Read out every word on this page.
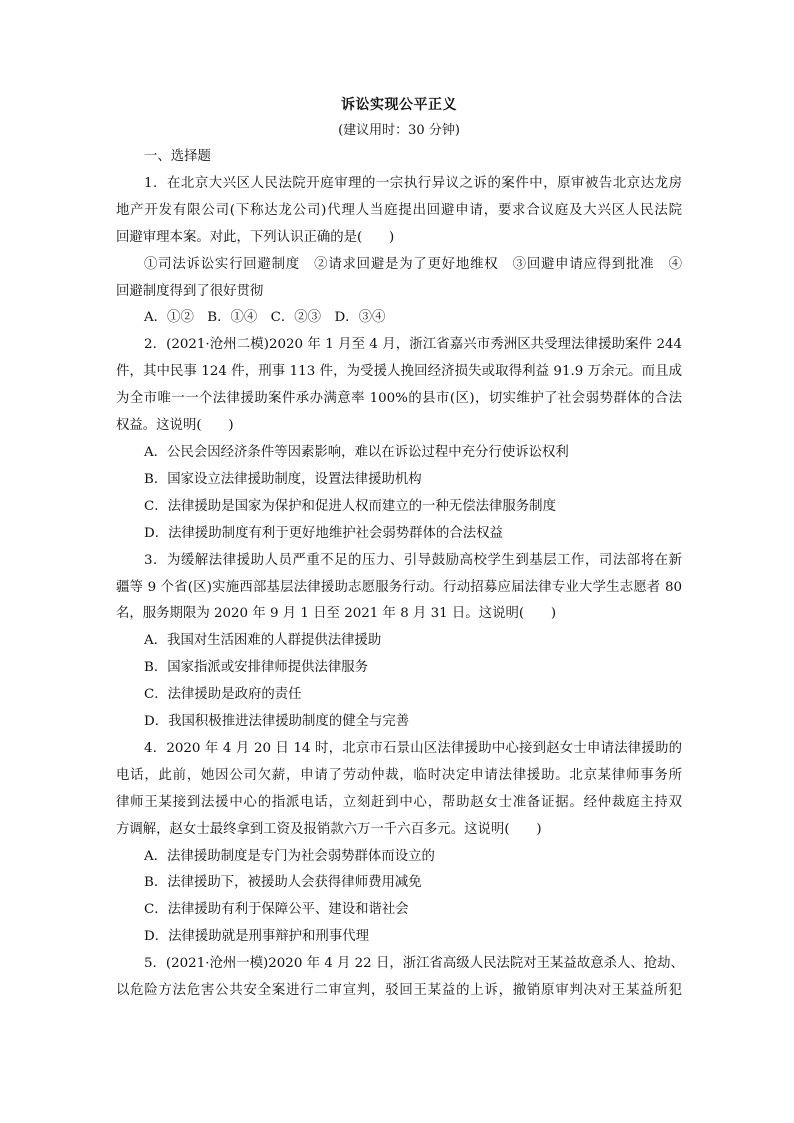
诉讼实现公平正义
(建议用时：30 分钟)
一、选择题
1．在北京大兴区人民法院开庭审理的一宗执行异议之诉的案件中，原审被告北京达龙房
地产开发有限公司(下称达龙公司)代理人当庭提出回避申请，要求合议庭及大兴区人民法院
回避审理本案。对此，下列认识正确的是(　　)
①司法诉讼实行回避制度　②请求回避是为了更好地维权　③回避申请应得到批准　④
回避制度得到了很好贯彻
A．①②　B．①④　C．②③　D．③④
2．(2021·沧州二模)2020 年 1 月至 4 月，浙江省嘉兴市秀洲区共受理法律援助案件 244
件，其中民事 124 件，刑事 113 件，为受援人挽回经济损失或取得利益 91.9 万余元。而且成
为全市唯一一个法律援助案件承办满意率 100%的县市(区)，切实维护了社会弱势群体的合法
权益。这说明(　　)
A．公民会因经济条件等因素影响，难以在诉讼过程中充分行使诉讼权利
B．国家设立法律援助制度，设置法律援助机构
C．法律援助是国家为保护和促进人权而建立的一种无偿法律服务制度
D．法律援助制度有利于更好地维护社会弱势群体的合法权益
3．为缓解法律援助人员严重不足的压力、引导鼓励高校学生到基层工作，司法部将在新
疆等 9 个省(区)实施西部基层法律援助志愿服务行动。行动招募应届法律专业大学生志愿者 80
名，服务期限为 2020 年 9 月 1 日至 2021 年 8 月 31 日。这说明(　　)
A．我国对生活困难的人群提供法律援助
B．国家指派或安排律师提供法律服务
C．法律援助是政府的责任
D．我国积极推进法律援助制度的健全与完善
4．2020 年 4 月 20 日 14 时，北京市石景山区法律援助中心接到赵女士申请法律援助的
电话，此前，她因公司欠薪，申请了劳动仲裁，临时决定申请法律援助。北京某律师事务所
律师王某接到法援中心的指派电话，立刻赶到中心，帮助赵女士准备证据。经仲裁庭主持双
方调解，赵女士最终拿到工资及报销款六万一千六百多元。这说明(　　)
A．法律援助制度是专门为社会弱势群体而设立的
B．法律援助下，被援助人会获得律师费用减免
C．法律援助有利于保障公平、建设和谐社会
D．法律援助就是刑事辩护和刑事代理
5．(2021·沧州一模)2020 年 4 月 22 日，浙江省高级人民法院对王某益故意杀人、抢劫、
以危险方法危害公共安全案进行二审宣判，驳回王某益的上诉，撤销原审判决对王某益所犯
